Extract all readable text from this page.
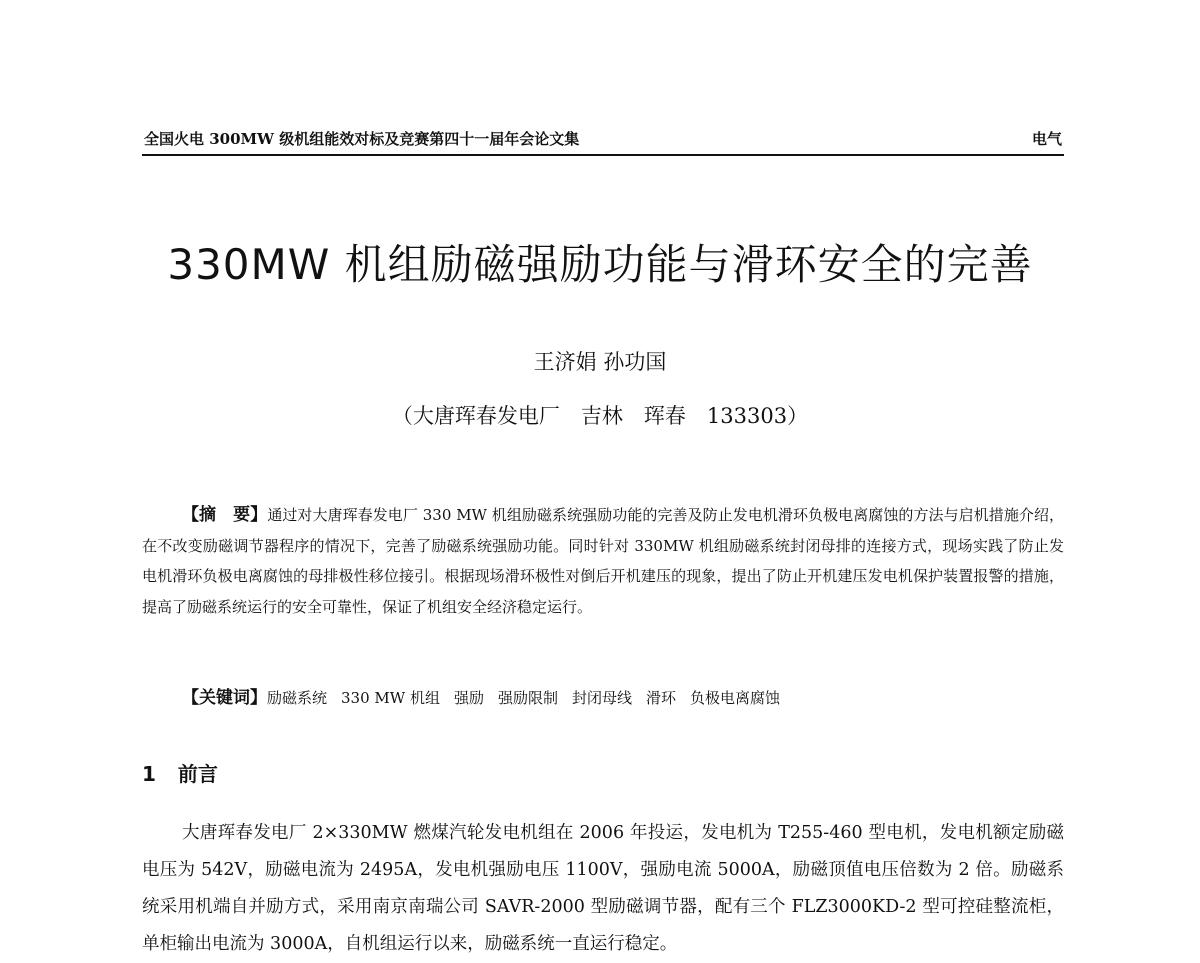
全国火电 300MW 级机组能效对标及竞赛第四十一届年会论文集	电气
330MW 机组励磁强励功能与滑环安全的完善
王济娟 孙功国
（大唐珲春发电厂　吉林　珲春　133303）

【摘　要】通过对大唐珲春发电厂 330 MW 机组励磁系统强励功能的完善及防止发电机滑环负极电离腐蚀的方法与启机措施介绍，在不改变励磁调节器程序的情况下，完善了励磁系统强励功能。同时针对 330MW 机组励磁系统封闭母排的连接方式，现场实践了防止发电机滑环负极电离腐蚀的母排极性移位接引。根据现场滑环极性对倒后开机建压的现象，提出了防止开机建压发电机保护装置报警的措施，提高了励磁系统运行的安全可靠性，保证了机组安全经济稳定运行。

【关键词】励磁系统 330 MW 机组 强励 强励限制 封闭母线 滑环 负极电离腐蚀
1 前言

大唐珲春发电厂 2×330MW 燃煤汽轮发电机组在 2006 年投运，发电机为 T255-460 型电机，发电机额定励磁电压为 542V，励磁电流为 2495A，发电机强励电压 1100V，强励电流 5000A，励磁顶值电压倍数为 2 倍。励磁系统采用机端自并励方式，采用南京南瑞公司 SAVR-2000 型励磁调节器，配有三个 FLZ3000KD-2 型可控硅整流柜，单柜输出电流为 3000A，自机组运行以来，励磁系统一直运行稳定。
